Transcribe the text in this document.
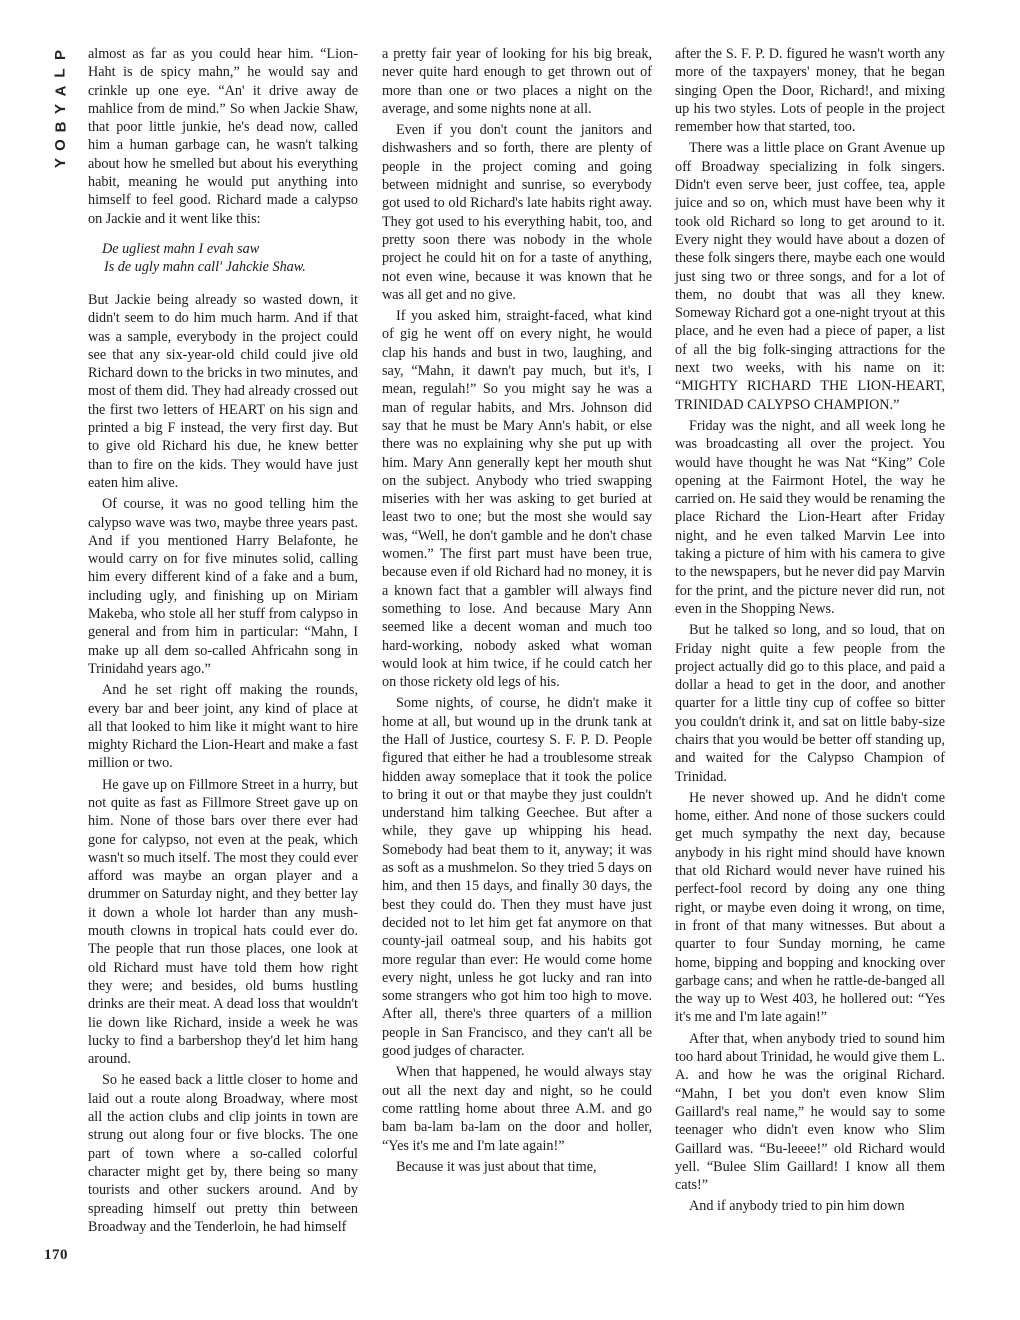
P
L
A
Y
B
O
Y

almost as far as you could hear him. “Lion-Haht is de spicy mahn,” he would say and crinkle up one eye. “An' it drive away de mahlice from de mind.” So when Jackie Shaw, that poor little junkie, he's dead now, called him a human garbage can, he wasn't talking about how he smelled but about his everything habit, meaning he would put anything into himself to feel good. Richard made a calypso on Jackie and it went like this:

De ugliest mahn I evah saw
Is de ugly mahn call' Jahckie Shaw.

But Jackie being already so wasted down, it didn't seem to do him much harm. And if that was a sample, everybody in the project could see that any six-year-old child could jive old Richard down to the bricks in two minutes, and most of them did. They had already crossed out the first two letters of HEART on his sign and printed a big F instead, the very first day. But to give old Richard his due, he knew better than to fire on the kids. They would have just eaten him alive.

Of course, it was no good telling him the calypso wave was two, maybe three years past. And if you mentioned Harry Belafonte, he would carry on for five minutes solid, calling him every different kind of a fake and a bum, including ugly, and finishing up on Miriam Makeba, who stole all her stuff from calypso in general and from him in particular: “Mahn, I make up all dem so-called Ahfricahn song in Trinidahd years ago.”

And he set right off making the rounds, every bar and beer joint, any kind of place at all that looked to him like it might want to hire mighty Richard the Lion-Heart and make a fast million or two.

He gave up on Fillmore Street in a hurry, but not quite as fast as Fillmore Street gave up on him. None of those bars over there ever had gone for calypso, not even at the peak, which wasn't so much itself. The most they could ever afford was maybe an organ player and a drummer on Saturday night, and they better lay it down a whole lot harder than any mush-mouth clowns in tropical hats could ever do. The people that run those places, one look at old Richard must have told them how right they were; and besides, old bums hustling drinks are their meat. A dead loss that wouldn't lie down like Richard, inside a week he was lucky to find a barbershop they'd let him hang around.

So he eased back a little closer to home and laid out a route along Broadway, where most all the action clubs and clip joints in town are strung out along four or five blocks. The one part of town where a so-called colorful character might get by, there being so many tourists and other suckers around. And by spreading himself out pretty thin between Broadway and the Tenderloin, he had himself

a pretty fair year of looking for his big break, never quite hard enough to get thrown out of more than one or two places a night on the average, and some nights none at all.

Even if you don't count the janitors and dishwashers and so forth, there are plenty of people in the project coming and going between midnight and sunrise, so everybody got used to old Richard's late habits right away. They got used to his everything habit, too, and pretty soon there was nobody in the whole project he could hit on for a taste of anything, not even wine, because it was known that he was all get and no give.

If you asked him, straight-faced, what kind of gig he went off on every night, he would clap his hands and bust in two, laughing, and say, “Mahn, it dawn't pay much, but it's, I mean, regulah!” So you might say he was a man of regular habits, and Mrs. Johnson did say that he must be Mary Ann's habit, or else there was no explaining why she put up with him. Mary Ann generally kept her mouth shut on the subject. Anybody who tried swapping miseries with her was asking to get buried at least two to one; but the most she would say was, “Well, he don't gamble and he don't chase women.” The first part must have been true, because even if old Richard had no money, it is a known fact that a gambler will always find something to lose. And because Mary Ann seemed like a decent woman and much too hard-working, nobody asked what woman would look at him twice, if he could catch her on those rickety old legs of his.

Some nights, of course, he didn't make it home at all, but wound up in the drunk tank at the Hall of Justice, courtesy S. F. P. D. People figured that either he had a troublesome streak hidden away someplace that it took the police to bring it out or that maybe they just couldn't understand him talking Geechee. But after a while, they gave up whipping his head. Somebody had beat them to it, anyway; it was as soft as a mushmelon. So they tried 5 days on him, and then 15 days, and finally 30 days, the best they could do. Then they must have just decided not to let him get fat anymore on that county-jail oatmeal soup, and his habits got more regular than ever: He would come home every night, unless he got lucky and ran into some strangers who got him too high to move. After all, there's three quarters of a million people in San Francisco, and they can't all be good judges of character.

When that happened, he would always stay out all the next day and night, so he could come rattling home about three A.M. and go bam ba-lam ba-lam on the door and holler, “Yes it's me and I'm late again!”

Because it was just about that time,

after the S. F. P. D. figured he wasn't worth any more of the taxpayers' money, that he began singing Open the Door, Richard!, and mixing up his two styles. Lots of people in the project remember how that started, too.

There was a little place on Grant Avenue up off Broadway specializing in folk singers. Didn't even serve beer, just coffee, tea, apple juice and so on, which must have been why it took old Richard so long to get around to it. Every night they would have about a dozen of these folk singers there, maybe each one would just sing two or three songs, and for a lot of them, no doubt that was all they knew. Someway Richard got a one-night tryout at this place, and he even had a piece of paper, a list of all the big folk-singing attractions for the next two weeks, with his name on it: “MIGHTY RICHARD THE LION-HEART, TRINIDAD CALYPSO CHAMPION.”

Friday was the night, and all week long he was broadcasting all over the project. You would have thought he was Nat “King” Cole opening at the Fairmont Hotel, the way he carried on. He said they would be renaming the place Richard the Lion-Heart after Friday night, and he even talked Marvin Lee into taking a picture of him with his camera to give to the newspapers, but he never did pay Marvin for the print, and the picture never did run, not even in the Shopping News.

But he talked so long, and so loud, that on Friday night quite a few people from the project actually did go to this place, and paid a dollar a head to get in the door, and another quarter for a little tiny cup of coffee so bitter you couldn't drink it, and sat on little baby-size chairs that you would be better off standing up, and waited for the Calypso Champion of Trinidad.

He never showed up. And he didn't come home, either. And none of those suckers could get much sympathy the next day, because anybody in his right mind should have known that old Richard would never have ruined his perfect-fool record by doing any one thing right, or maybe even doing it wrong, on time, in front of that many witnesses. But about a quarter to four Sunday morning, he came home, bipping and bopping and knocking over garbage cans; and when he rattle-de-banged all the way up to West 403, he hollered out: “Yes it's me and I'm late again!”

After that, when anybody tried to sound him too hard about Trinidad, he would give them L. A. and how he was the original Richard. “Mahn, I bet you don't even know Slim Gaillard's real name,” he would say to some teenager who didn't even know who Slim Gaillard was. “Bu-leeee!” old Richard would yell. “Bulee Slim Gaillard! I know all them cats!”

And if anybody tried to pin him down

170
